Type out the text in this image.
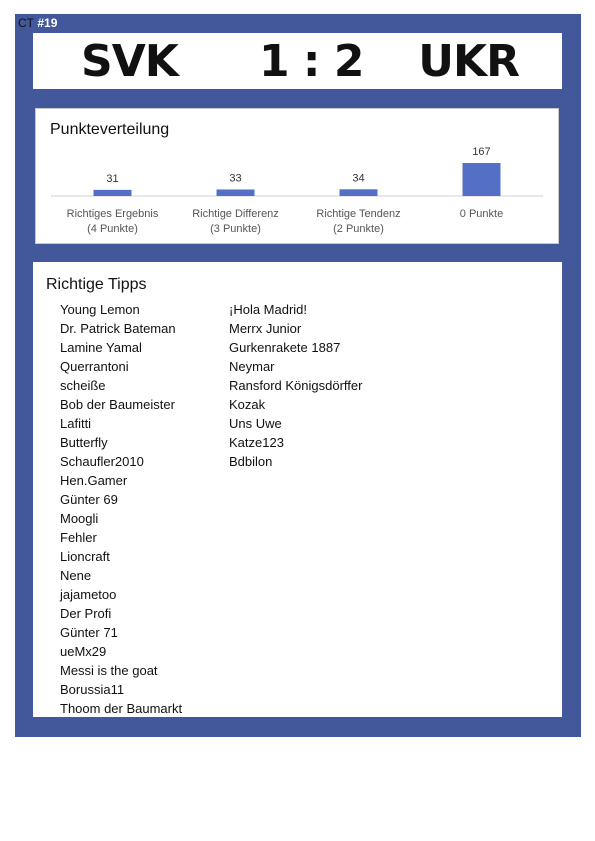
CT #19
SVK 1 : 2 UKR
Punkteverteilung
31
Richtiges Ergebnis
(4 Punkte)
33
Richtige Differenz
(3 Punkte)
34
Richtige Tendenz
(2 Punkte)
167
0 Punkte
Richtige Tipps
Young Lemon
Dr. Patrick Bateman
Lamine Yamal
Querrantoni
scheiße
Bob der Baumeister
Lafitti
Butterfly
Schaufler2010
Hen.Gamer
Günter 69
Moogli
Fehler
Lioncraft
Nene
jajametoo
Der Profi
Günter 71
ueMx29
Messi is the goat
Borussia11
Thoom der Baumarkt
¡Hola Madrid!
Merrx Junior
Gurkenrakete 1887
Neymar
Ransford Königsdörffer
Kozak
Uns Uwe
Katze123
Bdbilon
